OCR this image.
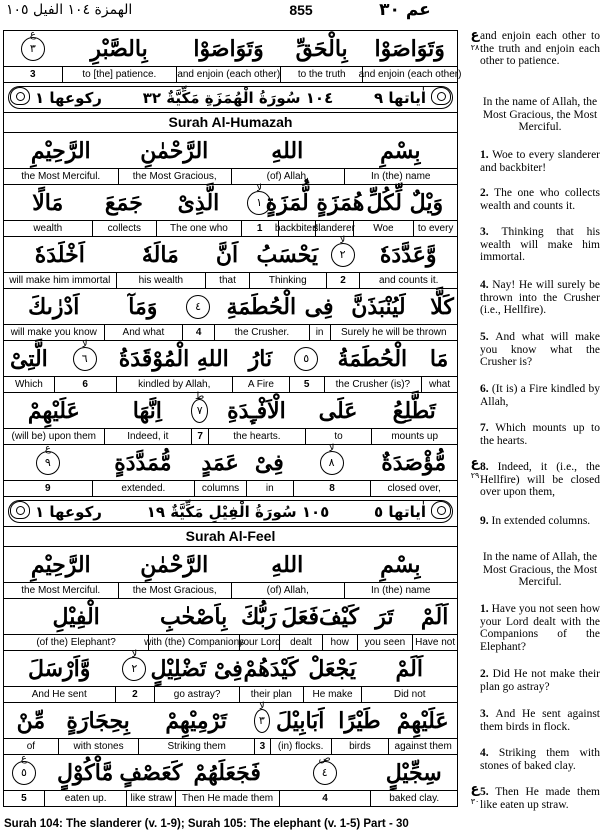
الهمزة ١٠٤ الفيل ١٠٥	855	عم ٣٠
وَتَوَاصَوْا
بِالْحَقِّ
وَتَوَاصَوْا
بِالصَّبْرِ
٣
ع
and enjoin (each other)
to the truth
and enjoin (each other)
to [the] patience.
3
اٰياتها ٩
١٠٤ سُورَةُ الْهُمَزَةِ مَكِّيَّةٌ ٣٢
رکوعها ١
Surah Al-Humazah
بِسْمِ
اللهِ
الرَّحْمٰنِ
الرَّحِيْمِ
In (the) name
(of) Allah,
the Most Gracious,
the Most Merciful.
وَيْلٌ لِّكُلِّ
هُمَزَةٍ لُّمَزَةٍ
١
لا
الَّذِىْ
جَمَعَ
مَالًا
to every
Woe
slanderer
backbiter!
1
The one who
collects
wealth
وَّعَدَّدَهٗ
٢
لا
يَحْسَبُ
اَنَّ
مَالَهٗ
اَخْلَدَهٗ
and counts it.
2
Thinking
that
his wealth
will make him immortal
كَلَّا
لَيُنْبَذَنَّ
فِى
الْحُطَمَةِ
٤
وَمَآ
اَدْرٰىكَ
Surely he will be thrown
in
the Crusher.
4
And what
will make you know
مَا
الْحُطَمَةُ
٥
نَارُ
اللهِ الْمُوْقَدَةُ
٦
لا
الَّتِىْ
what
the Crusher (is)?
5
A Fire
kindled by Allah,
6
Which
تَطَّلِعُ
عَلَى
الْاَفْـِٕدَةِ
٧
ط
اِنَّهَا
عَلَيْهِمْ
mounts up
to
the hearts.
7
Indeed, it
(will be) upon them
مُّؤْصَدَةٌ
٨
لا
فِىْ
عَمَدٍ
مُّمَدَّدَةٍ
٩
ع
closed over,
8
in
columns
extended.
9
اٰياتها ٥
١٠٥ سُورَةُ الْفِيْلِ مَكِّيَّةٌ ١٩
رکوعها ١
Surah Al-Feel
بِسْمِ
اللهِ
الرَّحْمٰنِ
الرَّحِيْمِ
In (the) name
(of) Allah,
the Most Gracious,
the Most Merciful.
اَلَمْ
تَرَ
كَيْفَ
فَعَلَ
رَبُّكَ
بِاَصْحٰبِ
الْفِيْلِ
Have not
you seen
how
dealt
your Lord
with (the) Companions
(of the) Elephant?
اَلَمْ
يَجْعَلْ
كَيْدَهُمْ
فِىْ تَضْلِيْلٍ
٢
لا
وَّاَرْسَلَ
Did not
He make
their plan
go astray?
2
And He sent
عَلَيْهِمْ
طَيْرًا
اَبَابِيْلَ
٣
لا
تَرْمِيْهِمْ
بِحِجَارَةٍ
مِّنْ
against them
birds
(in) flocks.
3
Striking them
with stones
of
سِجِّيْلٍ
٤
ص
فَجَعَلَهُمْ
كَعَصْفٍ
مَّاْكُوْلٍ
٥
ع
baked clay.
4
Then He made them
like straw
eaten up.
5
and enjoin each other to the truth and enjoin each other to patience.
In the name of Allah, the Most Gracious, the Most Merciful.
1. Woe to every slanderer and backbiter!
2. The one who collects wealth and counts it.
3. Thinking that his wealth will make him immortal.
4. Nay! He will surely be thrown into the Crusher (i.e., Hellfire).
5. And what will make you know what the Crusher is?
6. (It is) a Fire kindled by Allah,
7. Which mounts up to the hearts.
8. Indeed, it (i.e., the Hellfire) will be closed over upon them,
9. In extended columns.
In the name of Allah, the Most Gracious, the Most Merciful.
1. Have you not seen how your Lord dealt with the Companions of the Elephant?
2. Did He not make their plan go astray?
3. And He sent against them birds in flock.
4. Striking them with stones of baked clay.
5. Then He made them like eaten up straw.
ع
٢٨
ع
٢٩
ع
٣٠
Surah 104: The slanderer (v. 1-9); Surah 105: The elephant (v. 1-5) Part - 30
